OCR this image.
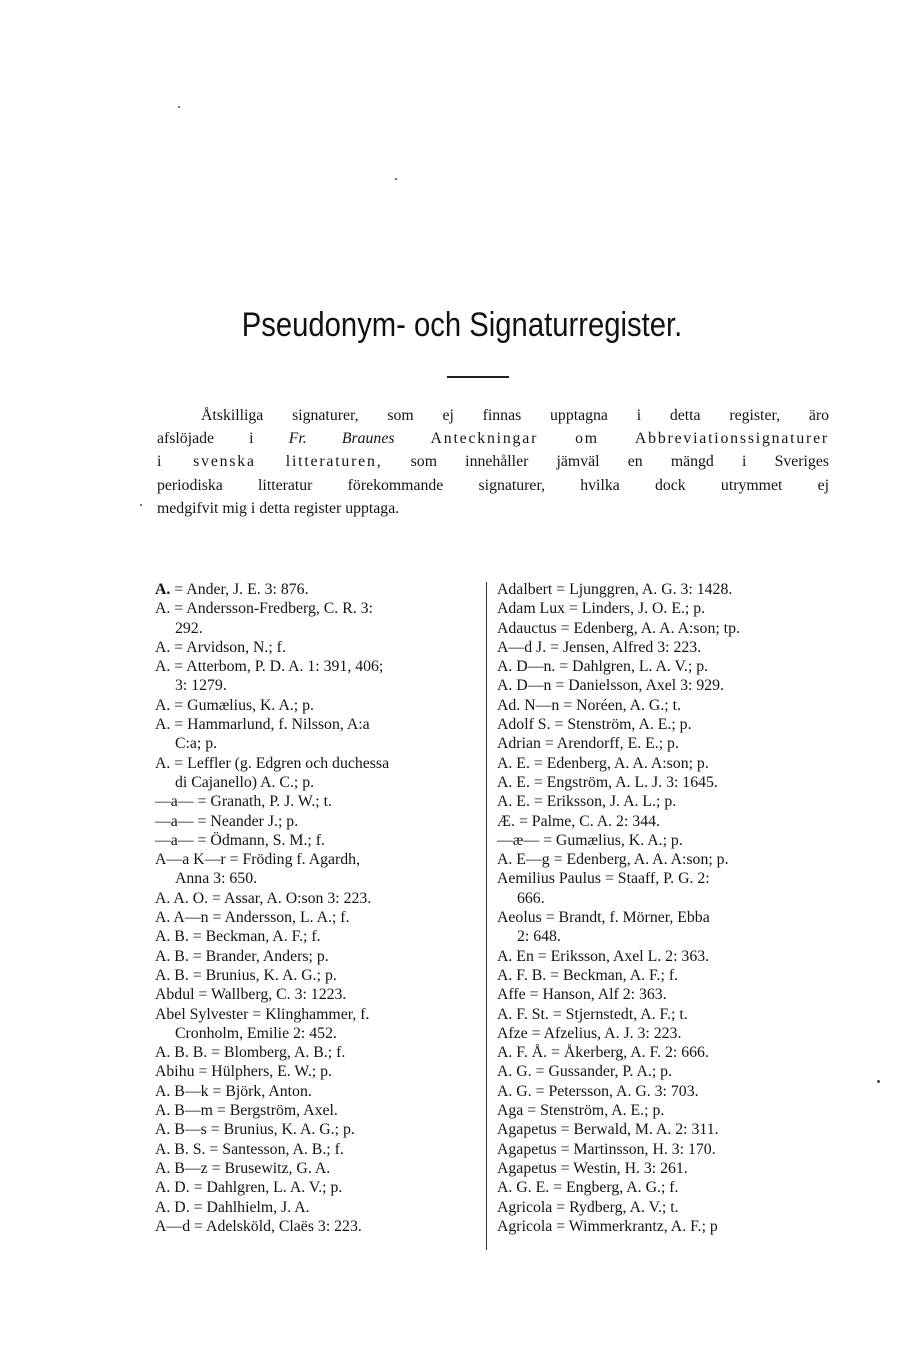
Pseudonym- och Signaturregister.
Åtskilliga signaturer, som ej finnas upptagna i detta register, äro
afslöjade i Fr. Braunes Anteckningar om Abbreviationssignaturer
i svenska litteraturen, som innehåller jämväl en mängd i Sveriges
periodiska litteratur förekommande signaturer, hvilka dock utrymmet ej
medgifvit mig i detta register upptaga.
A. = Ander, J. E. 3: 876.
A. = Andersson-Fredberg, C. R. 3:
292.
A. = Arvidson, N.; f.
A. = Atterbom, P. D. A. 1: 391, 406;
3: 1279.
A. = Gumælius, K. A.; p.
A. = Hammarlund, f. Nilsson, A:a
C:a; p.
A. = Leffler (g. Edgren och duchessa
di Cajanello) A. C.; p.
—a— = Granath, P. J. W.; t.
—a— = Neander J.; p.
—a— = Ödmann, S. M.; f.
A—a K—r = Fröding f. Agardh,
Anna 3: 650.
A. A. O. = Assar, A. O:son 3: 223.
A. A—n = Andersson, L. A.; f.
A. B. = Beckman, A. F.; f.
A. B. = Brander, Anders; p.
A. B. = Brunius, K. A. G.; p.
Abdul = Wallberg, C. 3: 1223.
Abel Sylvester = Klinghammer, f.
Cronholm, Emilie 2: 452.
A. B. B. = Blomberg, A. B.; f.
Abihu = Hülphers, E. W.; p.
A. B—k = Björk, Anton.
A. B—m = Bergström, Axel.
A. B—s = Brunius, K. A. G.; p.
A. B. S. = Santesson, A. B.; f.
A. B—z = Brusewitz, G. A.
A. D. = Dahlgren, L. A. V.; p.
A. D. = Dahlhielm, J. A.
A—d = Adelsköld, Claës 3: 223.
Adalbert = Ljunggren, A. G. 3: 1428.
Adam Lux = Linders, J. O. E.; p.
Adauctus = Edenberg, A. A. A:son; tp.
A—d J. = Jensen, Alfred 3: 223.
A. D—n. = Dahlgren, L. A. V.; p.
A. D—n = Danielsson, Axel 3: 929.
Ad. N—n = Noréen, A. G.; t.
Adolf S. = Stenström, A. E.; p.
Adrian = Arendorff, E. E.; p.
A. E. = Edenberg, A. A. A:son; p.
A. E. = Engström, A. L. J. 3: 1645.
A. E. = Eriksson, J. A. L.; p.
Æ. = Palme, C. A. 2: 344.
—æ— = Gumælius, K. A.; p.
A. E—g = Edenberg, A. A. A:son; p.
Aemilius Paulus = Staaff, P. G. 2:
666.
Aeolus = Brandt, f. Mörner, Ebba
2: 648.
A. En = Eriksson, Axel L. 2: 363.
A. F. B. = Beckman, A. F.; f.
Affe = Hanson, Alf 2: 363.
A. F. St. = Stjernstedt, A. F.; t.
Afze = Afzelius, A. J. 3: 223.
A. F. Å. = Åkerberg, A. F. 2: 666.
A. G. = Gussander, P. A.; p.
A. G. = Petersson, A. G. 3: 703.
Aga = Stenström, A. E.; p.
Agapetus = Berwald, M. A. 2: 311.
Agapetus = Martinsson, H. 3: 170.
Agapetus = Westin, H. 3: 261.
A. G. E. = Engberg, A. G.; f.
Agricola = Rydberg, A. V.; t.
Agricola = Wimmerkrantz, A. F.; p
